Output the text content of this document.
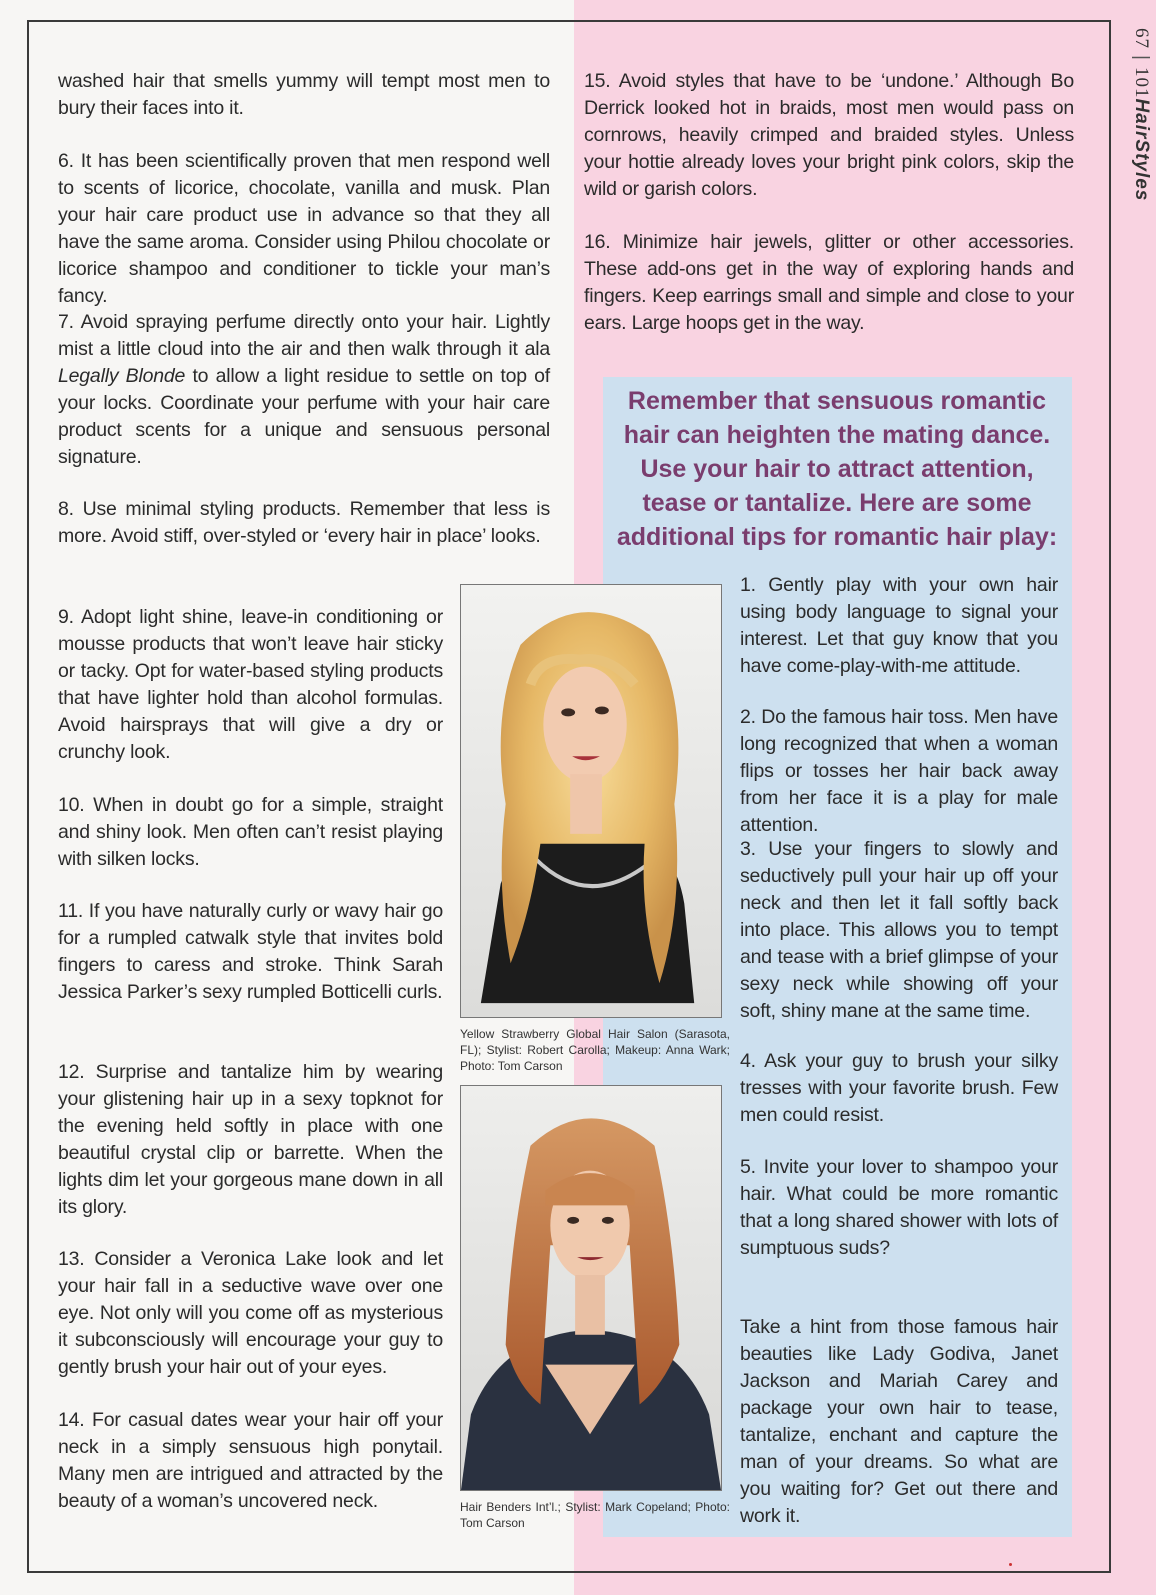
67|101HairStyles

washed hair that smells yummy will tempt most men to bury their faces into it.

6. It has been scientifically proven that men respond well to scents of licorice, chocolate, vanilla and musk. Plan your hair care product use in advance so that they all have the same aroma. Consider using Philou chocolate or licorice shampoo and conditioner to tickle your man’s fancy.

7. Avoid spraying perfume directly onto your hair. Lightly mist a little cloud into the air and then walk through it ala Legally Blonde to allow a light residue to settle on top of your locks. Coordinate your perfume with your hair care product scents for a unique and sensuous personal signature.

8. Use minimal styling products. Remember that less is more. Avoid stiff, over-styled or ‘every hair in place’ looks.

9. Adopt light shine, leave-in conditioning or mousse products that won’t leave hair sticky or tacky. Opt for water-based styling products that have lighter hold than alcohol formulas. Avoid hairsprays that will give a dry or crunchy look.

10. When in doubt go for a simple, straight and shiny look. Men often can’t resist playing with silken locks.

11. If you have naturally curly or wavy hair go for a rumpled catwalk style that invites bold fingers to caress and stroke. Think Sarah Jessica Parker’s sexy rumpled Botticelli curls.

12. Surprise and tantalize him by wearing your glistening hair up in a sexy topknot for the evening held softly in place with one beautiful crystal clip or barrette. When the lights dim let your gorgeous mane down in all its glory.

13. Consider a Veronica Lake look and let your hair fall in a seductive wave over one eye. Not only will you come off as mysterious it subconsciously will encourage your guy to gently brush your hair out of your eyes.

14. For casual dates wear your hair off your neck in a simply sensuous high ponytail. Many men are intrigued and attracted by the beauty of a woman’s uncovered neck.

15. Avoid styles that have to be ‘undone.’ Although Bo Derrick looked hot in braids, most men would pass on cornrows, heavily crimped and braided styles. Unless your hottie already loves your bright pink colors, skip the wild or garish colors.

16. Minimize hair jewels, glitter or other accessories. These add-ons get in the way of exploring hands and fingers. Keep earrings small and simple and close to your ears. Large hoops get in the way.

Remember that sensuous romantic hair can heighten the mating dance. Use your hair to attract attention, tease or tantalize. Here are some additional tips for romantic hair play:

1. Gently play with your own hair using body language to signal your interest. Let that guy know that you have come-play-with-me attitude.

2. Do the famous hair toss. Men have long recognized that when a woman flips or tosses her hair back away from her face it is a play for male attention.

3. Use your fingers to slowly and seductively pull your hair up off your neck and then let it fall softly back into place. This allows you to tempt and tease with a brief glimpse of your sexy neck while showing off your soft, shiny mane at the same time.

4. Ask your guy to brush your silky tresses with your favorite brush. Few men could resist.

5. Invite your lover to shampoo your hair. What could be more romantic that a long shared shower with lots of sumptuous suds?

Take a hint from those famous hair beauties like Lady Godiva, Janet Jackson and Mariah Carey and package your own hair to tease, tantalize, enchant and capture the man of your dreams. So what are you waiting for? Get out there and work it.

Yellow Strawberry Global Hair Salon (Sarasota, FL); Stylist: Robert Carolla; Makeup: Anna Wark; Photo: Tom Carson

Hair Benders Int’l.; Stylist: Mark Copeland; Photo: Tom Carson
